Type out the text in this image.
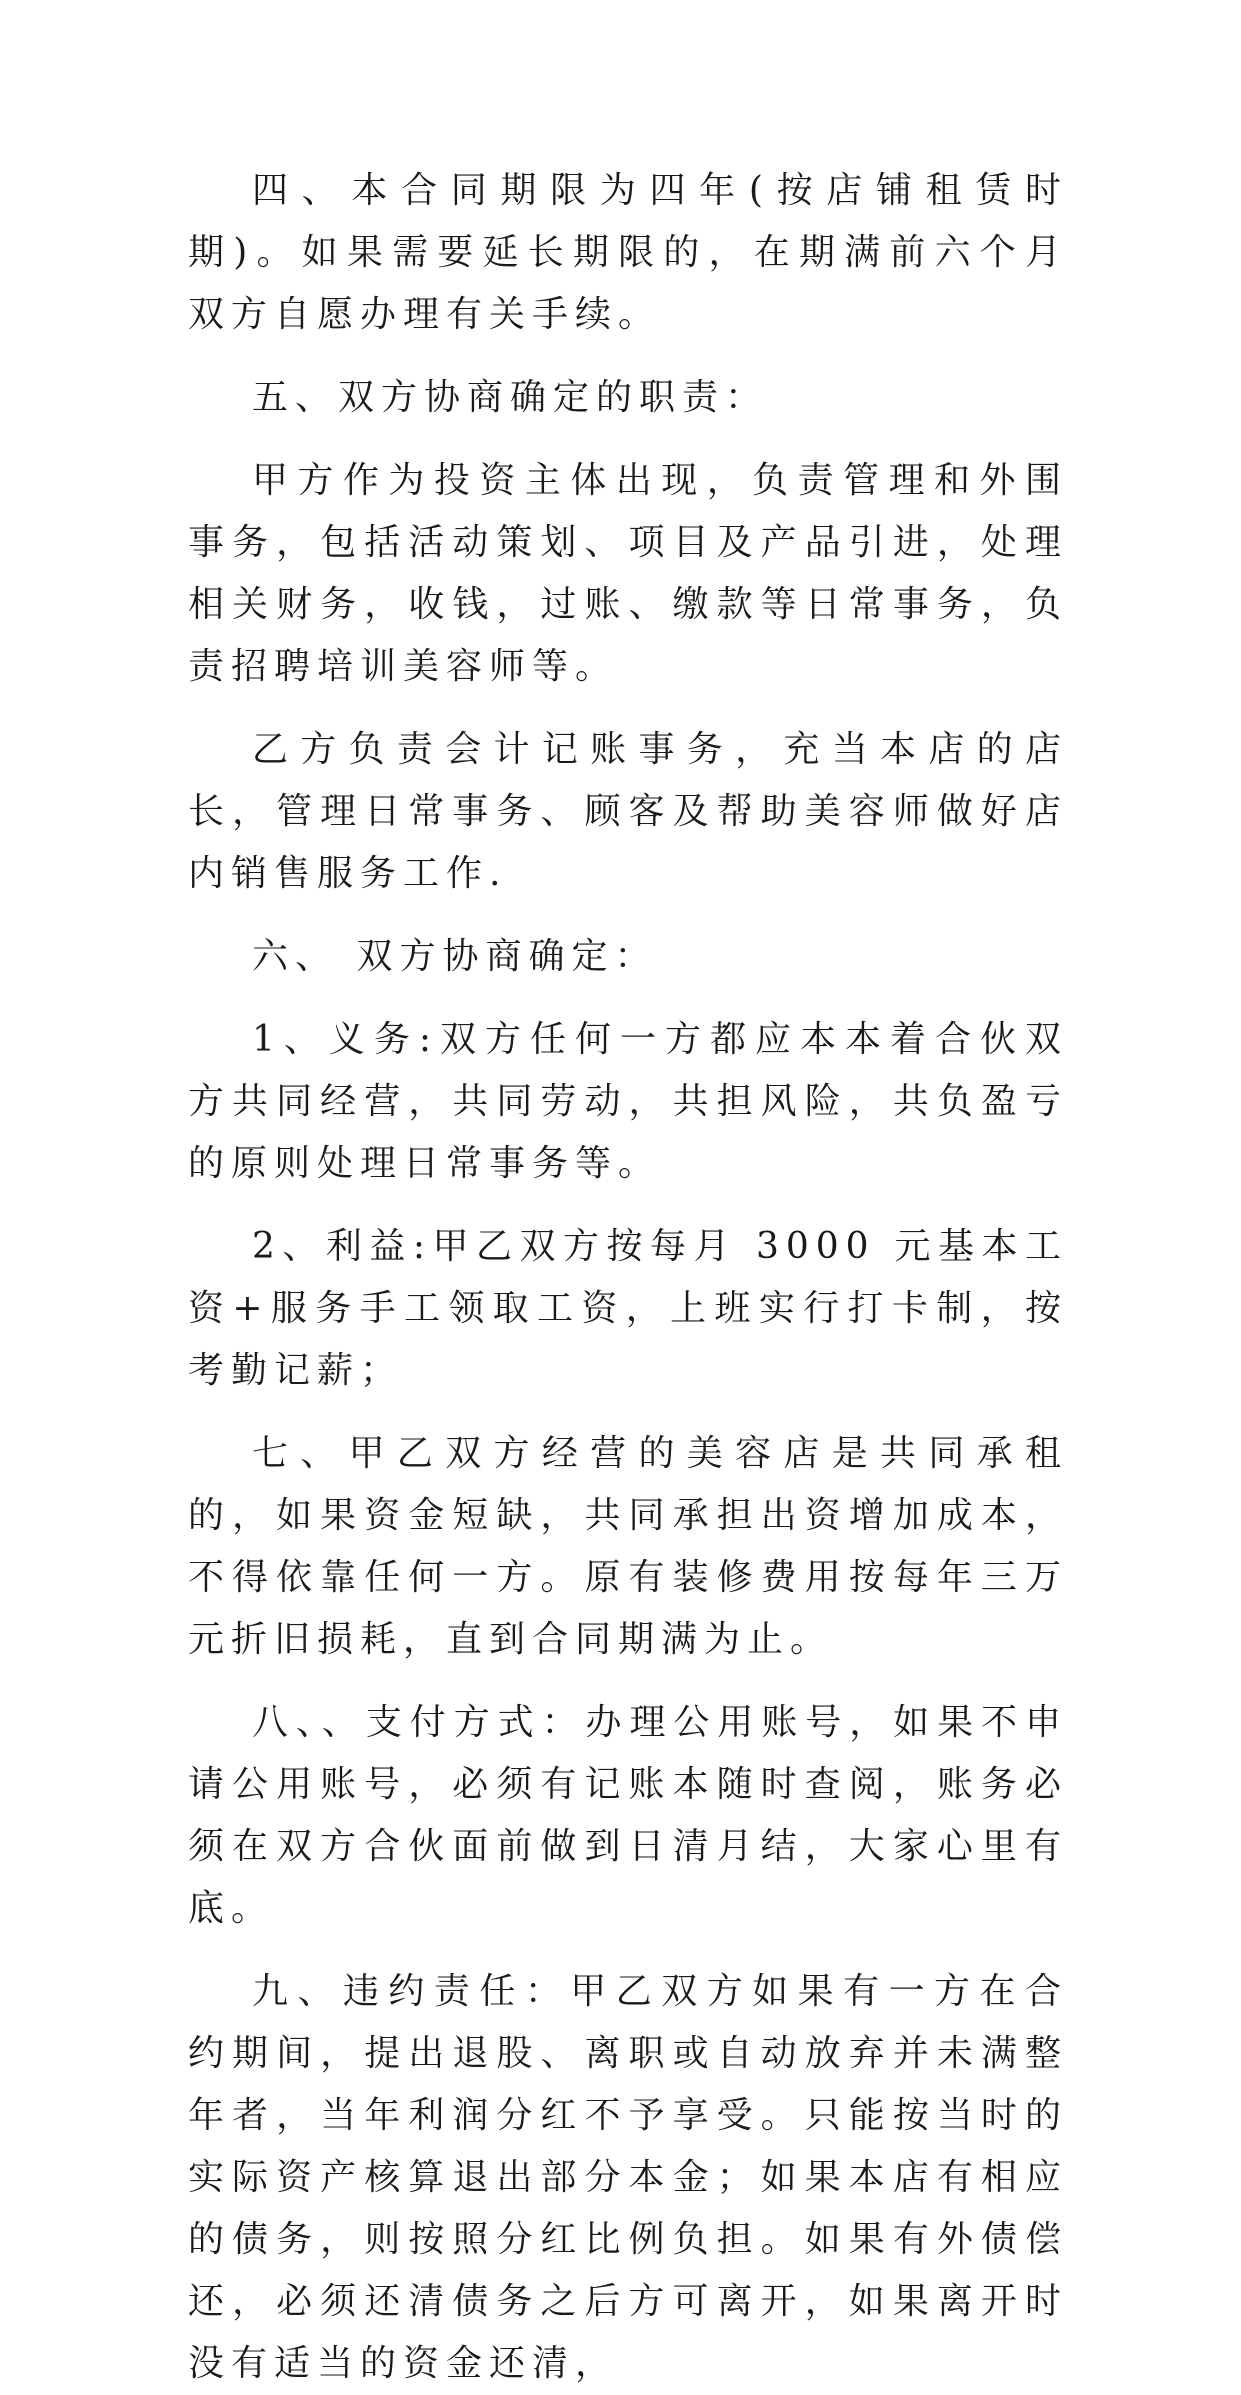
四、本合同期限为四年(按店铺租赁时期)。如果需要延长期限的，在期满前六个月双方自愿办理有关手续。

五、双方协商确定的职责：

甲方作为投资主体出现，负责管理和外围事务，包括活动策划、项目及产品引进，处理相关财务，收钱，过账、缴款等日常事务，负责招聘培训美容师等。

乙方负责会计记账事务，充当本店的店长，管理日常事务、顾客及帮助美容师做好店内销售服务工作.

六、 双方协商确定：

1、义务:双方任何一方都应本本着合伙双方共同经营，共同劳动，共担风险，共负盈亏的原则处理日常事务等。

2、利益:甲乙双方按每月 3000 元基本工资+服务手工领取工资，上班实行打卡制，按考勤记薪；

七、甲乙双方经营的美容店是共同承租的，如果资金短缺，共同承担出资增加成本，不得依靠任何一方。原有装修费用按每年三万元折旧损耗，直到合同期满为止。

八、、支付方式：办理公用账号，如果不申请公用账号，必须有记账本随时查阅，账务必须在双方合伙面前做到日清月结，大家心里有底。

九、违约责任：甲乙双方如果有一方在合约期间，提出退股、离职或自动放弃并未满整年者，当年利润分红不予享受。只能按当时的实际资产核算退出部分本金；如果本店有相应的债务，则按照分红比例负担。如果有外债偿还，必须还清债务之后方可离开，如果离开时没有适当的资金还清，
